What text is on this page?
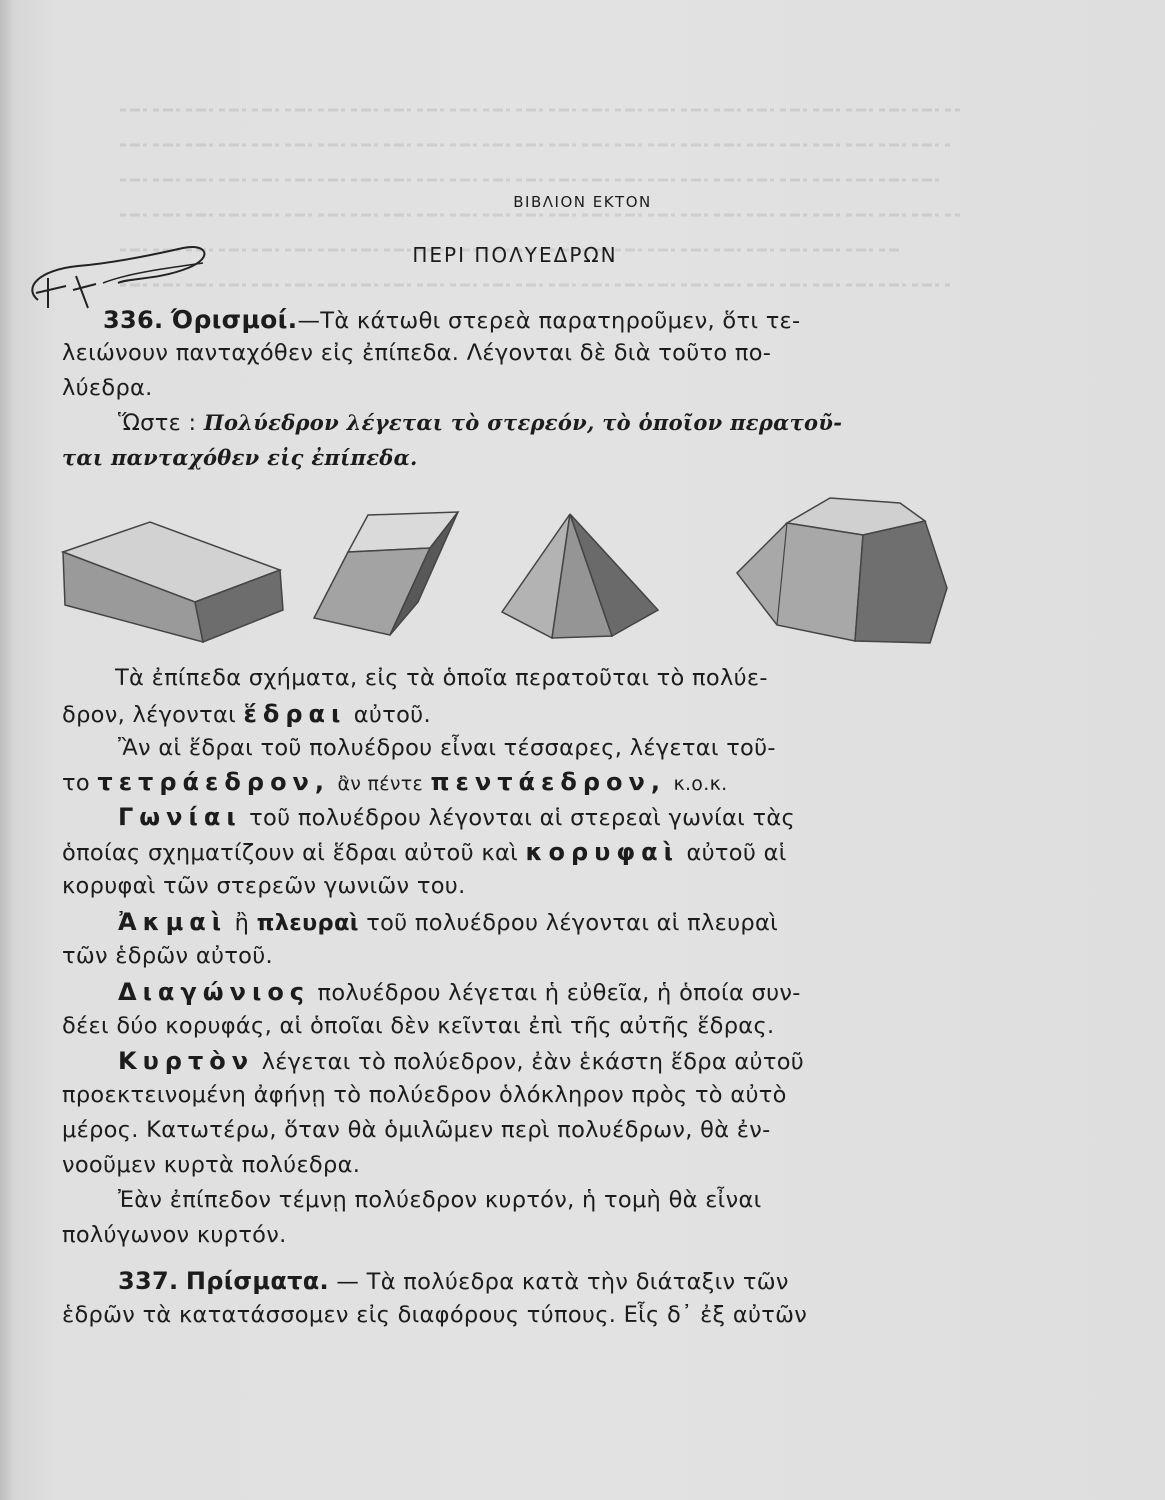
ΒΙΒΛΙΟΝ ΕΚΤΟΝ
ΠΕΡΙ ΠΟΛΥΕΔΡΩΝ
336. Όρισμοί.—Τὰ κάτωθι στερεὰ παρατηροῦμεν, ὅτι τε-
λειώνουν πανταχόθεν εἰς ἐπίπεδα. Λέγονται δὲ διὰ τοῦτο πο-
λύεδρα.
Ὥστε : Πολύεδρον λέγεται τὸ στερεόν, τὸ ὁποῖον περατοῦ-
ται πανταχόθεν εἰς ἐπίπεδα.
Τὰ ἐπίπεδα σχήματα, εἰς τὰ ὁποῖα περατοῦται τὸ πολύε-
δρον, λέγονται ἕδραι αὐτοῦ.
Ἂν αἱ ἕδραι τοῦ πολυέδρου εἶναι τέσσαρες, λέγεται τοῦ-
το τετράεδρον, ἂν πέντε πεντάεδρον, κ.ο.κ.
Γωνίαι τοῦ πολυέδρου λέγονται αἱ στερεαὶ γωνίαι τὰς
ὁποίας σχηματίζουν αἱ ἕδραι αὐτοῦ καὶ κορυφαὶ αὐτοῦ αἱ
κορυφαὶ τῶν στερεῶν γωνιῶν του.
Ἀκμαὶ ἢ πλευραὶ τοῦ πολυέδρου λέγονται αἱ πλευραὶ
τῶν ἑδρῶν αὐτοῦ.
Διαγώνιος πολυέδρου λέγεται ἡ εὐθεῖα, ἡ ὁποία συν-
δέει δύο κορυφάς, αἱ ὁποῖαι δὲν κεῖνται ἐπὶ τῆς αὐτῆς ἕδρας.
Κυρτὸν λέγεται τὸ πολύεδρον, ἐὰν ἑκάστη ἕδρα αὐτοῦ
προεκτεινομένη ἀφήνῃ τὸ πολύεδρον ὁλόκληρον πρὸς τὸ αὐτὸ
μέρος. Κατωτέρω, ὅταν θὰ ὁμιλῶμεν περὶ πολυέδρων, θὰ ἐν-
νοοῦμεν κυρτὰ πολύεδρα.
Ἐὰν ἐπίπεδον τέμνῃ πολύεδρον κυρτόν, ἡ τομὴ θὰ εἶναι
πολύγωνον κυρτόν.
337. Πρίσματα. — Τὰ πολύεδρα κατὰ τὴν διάταξιν τῶν
ἑδρῶν τὰ κατατάσσομεν εἰς διαφόρους τύπους. Εἷς δ᾽ ἐξ αὐτῶν
